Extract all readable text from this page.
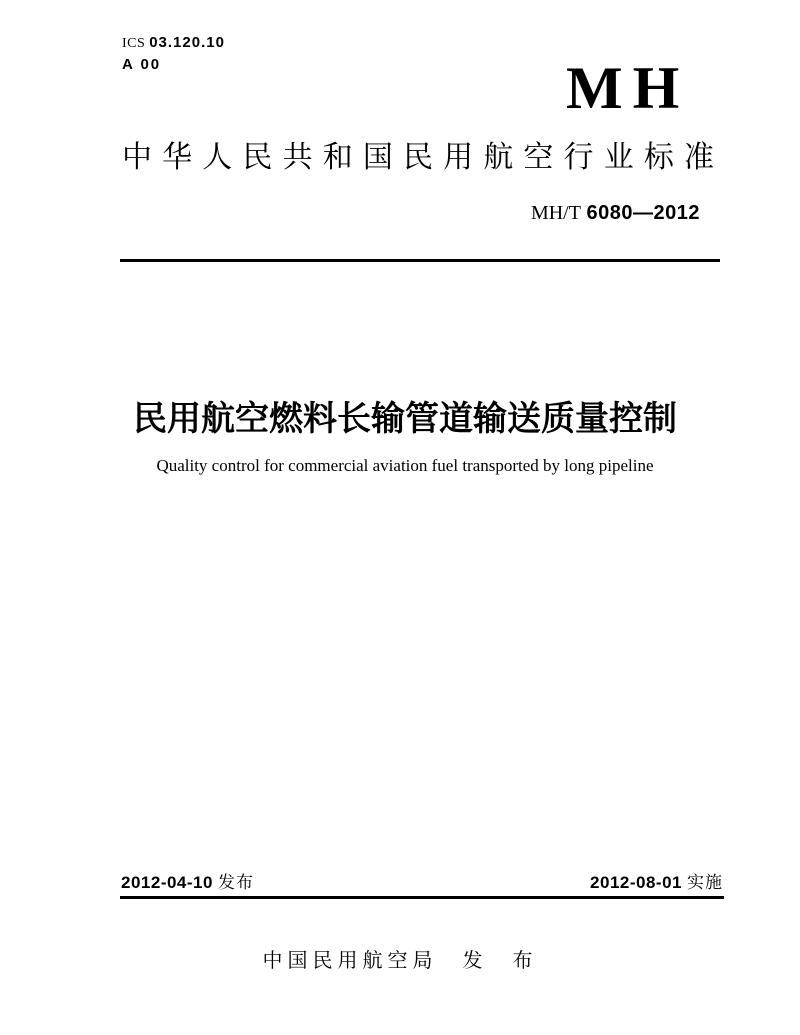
ICS 03.120.10
A 00	MH
中 华 人 民 共 和 国 民 用 航 空 行 业 标 准
MH/T 6080—2012
民用航空燃料长输管道输送质量控制
Quality control for commercial aviation fuel transported by long pipeline
2012-04-10 发布	2012-08-01 实施
中国民用航空局　发　布
